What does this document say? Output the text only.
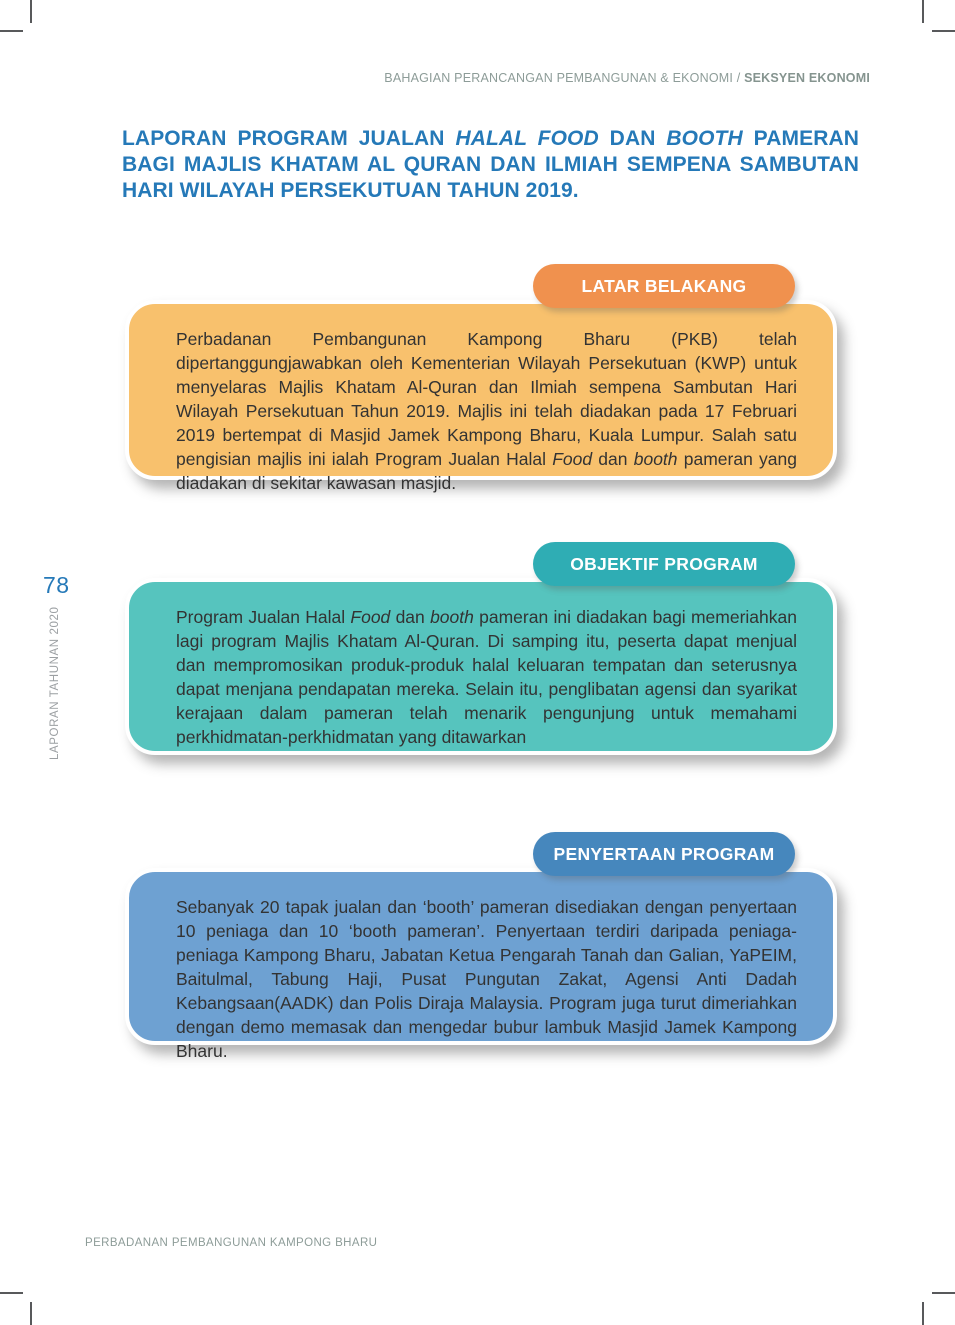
BAHAGIAN PERANCANGAN PEMBANGUNAN & EKONOMI / SEKSYEN EKONOMI
LAPORAN PROGRAM JUALAN HALAL FOOD DAN BOOTH PAMERAN BAGI MAJLIS KHATAM AL QURAN DAN ILMIAH SEMPENA SAMBUTAN HARI WILAYAH PERSEKUTUAN TAHUN 2019.
LATAR BELAKANG
Perbadanan Pembangunan Kampong Bharu (PKB) telah dipertanggungjawabkan oleh Kementerian Wilayah Persekutuan (KWP) untuk menyelaras Majlis Khatam Al-Quran dan Ilmiah sempena Sambutan Hari Wilayah Persekutuan Tahun 2019. Majlis ini telah diadakan pada 17 Februari 2019 bertempat di Masjid Jamek Kampong Bharu, Kuala Lumpur. Salah satu pengisian majlis ini ialah Program Jualan Halal Food dan booth pameran yang diadakan di sekitar kawasan masjid.
OBJEKTIF PROGRAM
Program Jualan Halal Food dan booth pameran ini diadakan bagi memeriahkan lagi program Majlis Khatam Al-Quran. Di samping itu, peserta dapat menjual dan mempromosikan produk-produk halal keluaran tempatan dan seterusnya dapat menjana pendapatan mereka. Selain itu, penglibatan agensi dan syarikat kerajaan dalam pameran telah menarik pengunjung untuk memahami perkhidmatan-perkhidmatan yang ditawarkan
PENYERTAAN PROGRAM
Sebanyak 20 tapak jualan dan ‘booth’ pameran disediakan dengan penyertaan 10 peniaga dan 10 ‘booth pameran’. Penyertaan terdiri daripada peniaga-peniaga Kampong Bharu, Jabatan Ketua Pengarah Tanah dan Galian, YaPEIM, Baitulmal, Tabung Haji, Pusat Pungutan Zakat, Agensi Anti Dadah Kebangsaan(AADK) dan Polis Diraja Malaysia. Program juga turut dimeriahkan dengan demo memasak dan mengedar bubur lambuk Masjid Jamek Kampong Bharu.
78
LAPORAN TAHUNAN 2020
PERBADANAN PEMBANGUNAN KAMPONG BHARU
